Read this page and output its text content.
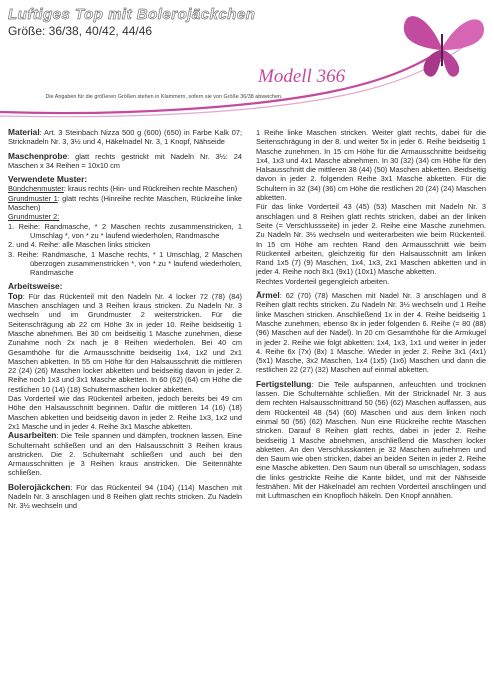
Luftiges Top mit Bolerojäckchen
Größe: 36/38, 40/42, 44/46
Modell 366
Die Angaben für die größeren Größen stehen in Klammern, sofern sie von Größe 36/38 abweichen.

Material: Art. 3 Steinbach Nizza 500 g (600) (650) in Farbe Kalk 07; Stricknadeln Nr. 3, 3½ und 4, Häkelnadel Nr. 3, 1 Knopf, Nähseide

Maschenprobe: glatt rechts gestrickt mit Nadeln Nr. 3½: 24 Maschen x 34 Reihen = 10x10 cm

Verwendete Muster:

Bündchenmuster: kraus rechts (Hin- und Rückreihen rechte Maschen)

Grundmuster 1: glatt rechts (Hinreihe rechte Maschen, Rückreihe linke Maschen)

Grundmuster 2:

1. Reihe: Randmasche, * 2 Maschen rechts zusammenstricken, 1 Umschlag *, von * zu * laufend wiederholen, Randmasche

2. und 4. Reihe: alle Maschen links stricken

3. Reihe: Randmasche, 1 Masche rechts, * 1 Umschlag, 2 Maschen überzogen zusammenstricken *, von * zu * laufend wiederholen, Randmasche

Arbeitsweise:

Top: Für das Rückenteil mit den Nadeln Nr. 4 locker 72 (78) (84) Maschen anschlagen und 3 Reihen kraus stricken. Zu Nadeln Nr. 3 wechseln und im Grundmuster 2 weiterstricken. Für die Seitenschrägung ab 22 cm Höhe 3x in jeder 10. Reihe beidseitig 1 Masche abnehmen. Bei 30 cm beidseitig 1 Masche zunehmen, diese Zunahme noch 2x nach je 8 Reihen wiederholen. Bei 40 cm Gesamthöhe für die Armausschnitte beidseitig 1x4, 1x2 und 2x1 Maschen abketten. In 55 cm Höhe für den Halsausschnitt die mittleren 22 (24) (26) Maschen locker abketten und beidseitig davon in jeder 2. Reihe noch 1x3 und 3x1 Masche abketten. In 60 (62) (64) cm Höhe die restlichen 10 (14) (18) Schultermaschen locker abketten.

Das Vorderteil wie das Rückenteil arbeiten, jedoch bereits bei 49 cm Höhe den Halsausschnitt beginnen. Dafür die mittleren 14 (16) (18) Maschen abketten und beidseitig davon in jeder 2. Reihe 1x3, 1x2 und 2x1 Masche und in jeder 4. Reihe 3x1 Masche abketten.

Ausarbeiten: Die Teile spannen und dämpfen, trocknen lassen. Eine Schulternaht schließen und an den Halsausschnitt 3 Reihen kraus anstricken. Die 2. Schulternaht schließen und auch bei den Armausschnitten je 3 Reihen kraus anstricken. Die Seitennähte schließen.

Bolerojäckchen: Für das Rückenteil 94 (104) (114) Maschen mit Nadeln Nr. 3 anschlagen und 8 Reihen glatt rechts stricken. Zu Nadeln Nr. 3½ wechseln und

1 Reihe linke Maschen stricken. Weiter glatt rechts, dabei für die Seitenschrägung in der 8. und weiter 5x in jeder 6. Reihe beidseitig 1 Masche zunehmen. In 15 cm Höhe für die Armausschnitte beidseitig 1x4, 1x3 und 4x1 Masche abnehmen. In 30 (32) (34) cm Höhe für den Halsausschnitt die mittleren 38 (44) (50) Maschen abketten. Beidseitig davon in jeder 2. folgenden Reihe 3x1 Masche abketten. Für die Schultern in 32 (34) (36) cm Höhe die restlichen 20 (24) (24) Maschen abketten.

Für das linke Vorderteil 43 (45) (53) Maschen mit Nadeln Nr. 3 anschlagen und 8 Reihen glatt rechts stricken, dabei an der linken Seite (= Verschlussseite) in jeder 2. Reihe eine Masche zunehmen. Zu Nadeln Nr. 3½ wechseln und weiterarbeiten wie beim Rückenteil. In 15 cm Höhe am rechten Rand den Armausschnitt wie beim Rückenteil arbeiten, gleichzeitig für den Halsausschnitt am linken Rand 1x5 (7) (9) Maschen, 1x4, 1x3, 2x1 Maschen abketten und in jeder 4. Reihe noch 8x1 (9x1) (10x1) Masche abketten.

Rechtes Vorderteil gegengleich arbeiten.

Ärmel: 62 (70) (78) Maschen mit Nadel Nr. 3 anschlagen und 8 Reihen glatt rechts stricken. Zu Nadeln Nr. 3½ wechseln und 1 Reihe linke Maschen stricken. Anschließend 1x in der 4. Reihe beidseitig 1 Masche zunehmen, ebenso 8x in jeder folgenden 6. Reihe (= 80 (88) (96) Maschen auf der Nadel). In 20 cm Gesamthöhe für die Armkugel in jeder 2. Reihe wie folgt abketten: 1x4, 1x3, 1x1 und weiter in jeder 4. Reihe 6x (7x) (8x) 1 Masche. Wieder in jeder 2. Reihe 3x1 (4x1) (5x1) Masche, 3x2 Maschen, 1x4 (1x5) (1x6) Maschen und dann die restlichen 22 (27) (32) Maschen auf einmal abketten.

Fertigstellung: Die Teile aufspannen, anfeuchten und trocknen lassen. Die Schulternähte schließen. Mit der Stricknadel Nr. 3 aus dem rechten Halsausschnittrand 50 (56) (62) Maschen auffassen, aus dem Rückenteil 48 (54) (60) Maschen und aus dem linken noch einmal 50 (56) (62) Maschen. Nun eine Rückreihe rechte Maschen stricken. Darauf 8 Reihen glatt rechts, dabei in jeder 2. Reihe beidseitig 1 Masche abnehmen, anschließend die Maschen locker abketten. An den Verschlusskanten je 32 Maschen aufnehmen und den Saum wie oben stricken, dabei an beiden Seiten in jeder 2. Reihe eine Masche abketten. Den Saum nun überall so umschlagen, sodass die links gestrickte Reihe die Kante bildet, und mit der Nähseide festnähen. Mit der Häkelnadel am rechten Vorderteil anschlingen und mit Luftmaschen ein Knopfloch häkeln. Den Knopf annähen.
